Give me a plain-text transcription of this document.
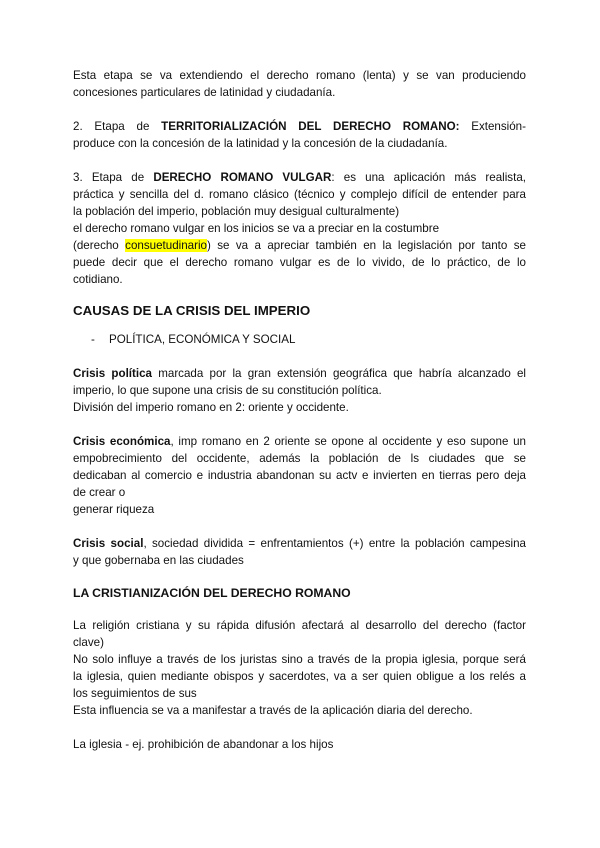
Esta etapa se va extendiendo el derecho romano (lenta) y se van produciendo

concesiones particulares de latinidad y ciudadanía.

2. Etapa de TERRITORIALIZACIÓN DEL DERECHO ROMANO: Extensión-

produce con la concesión de la latinidad y la concesión de la ciudadanía.

3. Etapa de DERECHO ROMANO VULGAR: es una aplicación más realista,

práctica y sencilla del d. romano clásico (técnico y complejo difícil de entender para

la población del imperio, población muy desigual culturalmente)

el derecho romano vulgar en los inicios se va a preciar en la costumbre

(derecho consuetudinario) se va a apreciar también en la legislación por tanto se

puede decir que el derecho romano vulgar es de lo vivido, de lo práctico, de lo

cotidiano.

CAUSAS DE LA CRISIS DEL IMPERIO

-	POLÍTICA, ECONÓMICA Y SOCIAL

Crisis política marcada por la gran extensión geográfica que habría alcanzado el

imperio, lo que supone una crisis de su constitución política.

División del imperio romano en 2: oriente y occidente.

Crisis económica, imp romano en 2 oriente se opone al occidente y eso supone un

empobrecimiento del occidente, además la población de ls ciudades que se

dedicaban al comercio e industria abandonan su actv e invierten en tierras pero deja

de crear o

generar riqueza

Crisis social, sociedad dividida = enfrentamientos (+) entre la población campesina

y que gobernaba en las ciudades

LA CRISTIANIZACIÓN DEL DERECHO ROMANO

La religión cristiana y su rápida difusión afectará al desarrollo del derecho (factor

clave)

No solo influye a través de los juristas sino a través de la propia iglesia, porque será

la iglesia, quien mediante obispos y sacerdotes, va a ser quien obligue a los relés a

los seguimientos de sus

Esta influencia se va a manifestar a través de la aplicación diaria del derecho.

La iglesia - ej. prohibición de abandonar a los hijos
